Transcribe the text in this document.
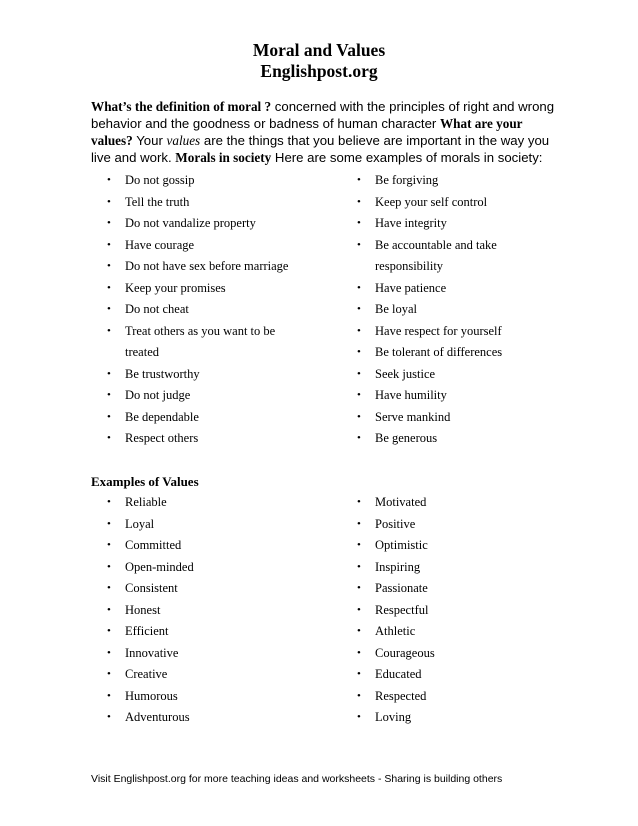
Moral and Values
Englishpost.org
What’s the definition of moral ? concerned with the principles of right and wrong behavior and the goodness or badness of human character What are your values? Your values are the things that you believe are important in the way you live and work. Morals in society Here are some examples of morals in society:
• Do not gossip
• Tell the truth
• Do not vandalize property
• Have courage
• Do not have sex before marriage
• Keep your promises
• Do not cheat
• Treat others as you want to be
treated
• Be trustworthy
• Do not judge
• Be dependable
• Respect others
• Be forgiving
• Keep your self control
• Have integrity
• Be accountable and take
responsibility
• Have patience
• Be loyal
• Have respect for yourself
• Be tolerant of differences
• Seek justice
• Have humility
• Serve mankind
• Be generous
Examples of Values
• Reliable
• Loyal
• Committed
• Open-minded
• Consistent
• Honest
• Efficient
• Innovative
• Creative
• Humorous
• Adventurous
• Motivated
• Positive
• Optimistic
• Inspiring
• Passionate
• Respectful
• Athletic
• Courageous
• Educated
• Respected
• Loving
Visit Englishpost.org for more teaching ideas and worksheets - Sharing is building others
